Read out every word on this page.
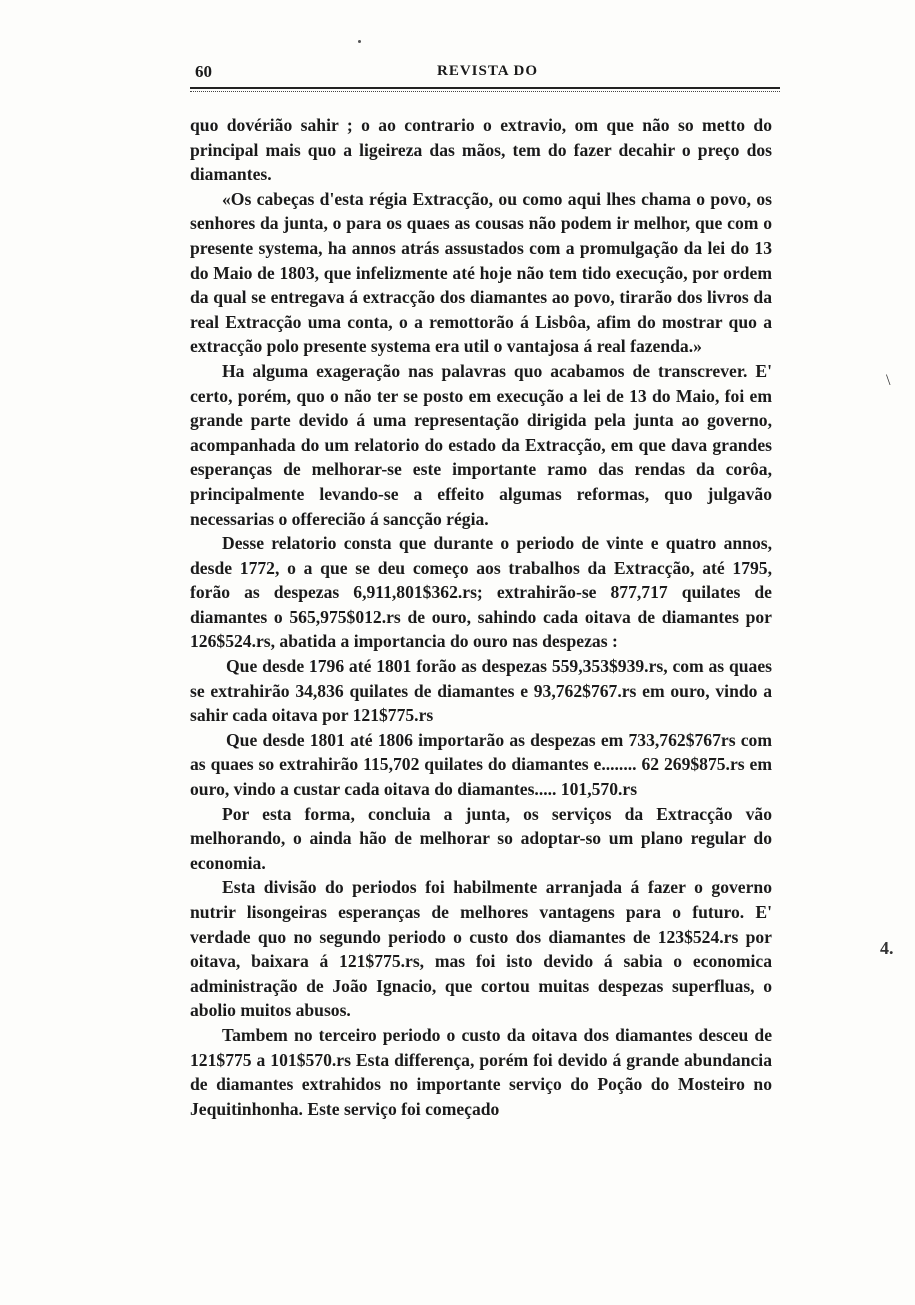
60	REVISTA DO

quo dovérião sahir ; o ao contrario o extravio, om que não so metto do principal mais quo a ligeireza das mãos, tem do fazer decahir o preço dos diamantes.

«Os cabeças d'esta régia Extracção, ou como aqui lhes chama o povo, os senhores da junta, o para os quaes as cousas não podem ir melhor, que com o presente systema, ha annos atrás assustados com a promulgação da lei do 13 do Maio de 1803, que infelizmente até hoje não tem tido execução, por ordem da qual se entregava á extracção dos diamantes ao povo, tirarão dos livros da real Extracção uma conta, o a remottorão á Lisbôa, afim do mostrar quo a extracção polo presente systema era util o vantajosa á real fazenda.»

Ha alguma exageração nas palavras quo acabamos de transcrever. E' certo, porém, quo o não ter se posto em execução a lei de 13 do Maio, foi em grande parte devido á uma representação dirigida pela junta ao governo, acompanhada do um relatorio do estado da Extracção, em que dava grandes esperanças de melhorar-se este importante ramo das rendas da corôa, principalmente levando-se a effeito algumas reformas, quo julgavão necessarias o offerecião á sancção régia.

Desse relatorio consta que durante o periodo de vinte e quatro annos, desde 1772, o a que se deu começo aos trabalhos da Extracção, até 1795, forão as despezas 6,911,801$362.rs; extrahirão-se 877,717 quilates de diamantes o 565,975$012.rs de ouro, sahindo cada oitava de diamantes por 126$524.rs, abatida a importancia do ouro nas despezas :

Que desde 1796 até 1801 forão as despezas 559,353$939.rs, com as quaes se extrahirão 34,836 quilates de diamantes e 93,762$767.rs em ouro, vindo a sahir cada oitava por 121$775.rs

Que desde 1801 até 1806 importarão as despezas em 733,762$767rs com as quaes so extrahirão 115,702 quilates do diamantes e........ 62 269$875.rs em ouro, vindo a custar cada oitava do diamantes..... 101,570.rs

Por esta forma, concluia a junta, os serviços da Extracção vão melhorando, o ainda hão de melhorar so adoptar-so um plano regular do economia.

Esta divisão do periodos foi habilmente arranjada á fazer o governo nutrir lisongeiras esperanças de melhores vantagens para o futuro. E' verdade quo no segundo periodo o custo dos diamantes de 123$524.rs por oitava, baixara á 121$775.rs, mas foi isto devido á sabia o economica administração de João Ignacio, que cortou muitas despezas superfluas, o abolio muitos abusos.

Tambem no terceiro periodo o custo da oitava dos diamantes desceu de 121$775 a 101$570.rs Esta differença, porém foi devido á grande abundancia de diamantes extrahidos no importante serviço do Poção do Mosteiro no Jequitinhonha. Este serviço foi começado

\
4.
